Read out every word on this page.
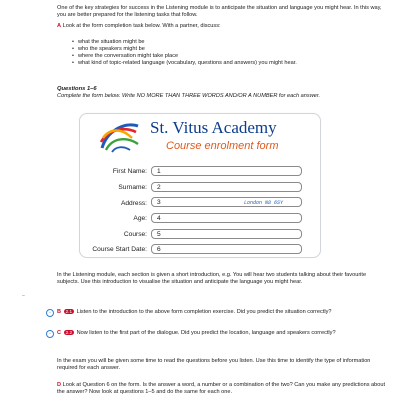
One of the key strategies for success in the Listening module is to anticipate the situation and language you might hear. In this way, you are better prepared for the listening tasks that follow.

A Look at the form completion task below. With a partner, discuss:

• what the situation might be
• who the speakers might be
• where the conversation might take place
• what kind of topic-related language (vocabulary, questions and answers) you might hear.

Questions 1–6

Complete the form below. Write NO MORE THAN THREE WORDS AND/OR A NUMBER for each answer.

St. Vitus Academy

Course enrolment form

First Name: 1
Surname: 2
Address: 3	London N8 6SY
Age: 4
Course: 5
Course Start Date: 6

In the Listening module, each section is given a short introduction, e.g. You will hear two students talking about their favourite subjects. Use this introduction to visualise the situation and anticipate the language you might hear.

–
◦	B 2.1 Listen to the introduction to the above form completion exercise. Did you predict the situation correctly?

◦	C 2.2 Now listen to the first part of the dialogue. Did you predict the location, language and speakers correctly?

In the exam you will be given some time to read the questions before you listen. Use this time to identify the type of information required for each answer.

D Look at Question 6 on the form. Is the answer a word, a number or a combination of the two? Can you make any predictions about the answer? Now look at questions 1–5 and do the same for each one.
